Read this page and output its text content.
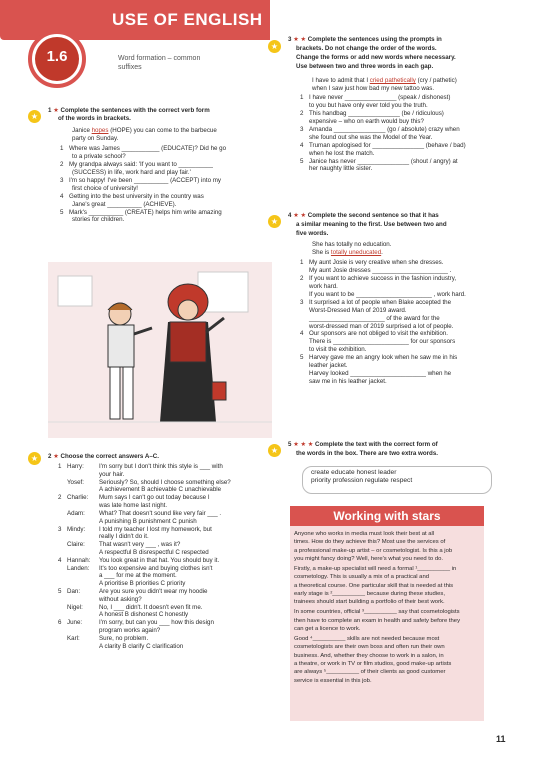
USE OF ENGLISH
1.6	Word formation – common
suffixes
★
1 ★ Complete the sentences with the correct verb form
of the words in brackets.
Janice hopes (HOPE) you can come to the barbecue
party on Sunday.
1 Where was James ___________ (EDUCATE)? Did he go
to a private school?
2 My grandpa always said: 'If you want to __________
(SUCCESS) in life, work hard and play fair.'
3 I'm so happy! I've been __________ (ACCEPT) into my
first choice of university!
4 Getting into the best university in the country was
Jane's great __________ (ACHIEVE).
5 Mark's __________ (CREATE) helps him write amazing
stories for children.
★	2 ★ Choose the correct answers A–C.
1 Harry: I'm sorry but I don't think this style is ___ with
your hair.
Yosef: Seriously? So, should I choose something else?
A achievement B achievable C unachievable
2 Charlie: Mum says I can't go out today because I
was late home last night.
Adam: What? That doesn't sound like very fair ___ .
A punishing B punishment C punish
3 Mindy: I told my teacher I lost my homework, but
really I didn't do it.
Claire: That wasn't very ___ , was it?
A respectful B disrespectful C respected
4 Hannah: You look great in that hat. You should buy it.
Landen: It's too expensive and buying clothes isn't
a ___ for me at the moment.
A prioritise B priorities C priority
5 Dan:	Are you sure you didn't wear my hoodie
without asking?
Nigel:	No, I ___ didn't. It doesn't even fit me.
A honest B dishonest C honestly
6 June:	I'm sorry, but can you ___ how this design
program works again?
Karl:	Sure, no problem.
A clarity B clarify C clarification
★
3 ★ ★ Complete the sentences using the prompts in
brackets. Do not change the order of the words.
Change the forms or add new words where necessary.
Use between two and three words in each gap.
I have to admit that I cried pathetically (cry / pathetic)
when I saw just how bad my new tattoo was.
1 I have never _______________ (speak / dishonest)
to you but have only ever told you the truth.
2 This handbag _______________ (be / ridiculous)
expensive – who on earth would buy this?
3 Amanda _______________ (go / absolute) crazy when
she found out she was the Model of the Year.
4 Truman apologised for _______________ (behave / bad)
when he lost the match.
5 Janice has never _______________ (shout / angry) at
her naughty little sister.
★
4 ★ ★ Complete the second sentence so that it has
a similar meaning to the first. Use between two and
five words.
She has totally no education.
She is totally uneducated.
1 My aunt Josie is very creative when she dresses.
My aunt Josie dresses ______________________ .
2 If you want to achieve success in the fashion industry,
work hard.
If you want to be ______________________ , work hard.
3 It surprised a lot of people when Blake accepted the
Worst-Dressed Man of 2019 award.
______________________ of the award for the
worst-dressed man of 2019 surprised a lot of people.
4 Our sponsors are not obliged to visit the exhibition.
There is ______________________ for our sponsors
to visit the exhibition.
5 Harvey gave me an angry look when he saw me in his
leather jacket.
Harvey looked ______________________ when he
saw me in his leather jacket.
★
5 ★ ★ ★ Complete the text with the correct form of
the words in the box. There are two extra words.
create educate honest leader
priority profession regulate respect
Working with stars
Anyone who works in media must look their best at all
times. How do they achieve this? Most use the services of
a professional make-up artist – or cosmetologist. Is this a job
you might fancy doing? Well, here's what you need to do.
Firstly, a make-up specialist will need a formal ¹__________ in
cosmetology. This is usually a mix of a practical and
a theoretical course. One particular skill that is needed at this
early stage is ²__________ because during these studies,
trainees should start building a portfolio of their best work.
In some countries, official ³__________ say that cosmetologists
then have to complete an exam in health and safety before they
can get a licence to work.
Good ⁴__________ skills are not needed because most
cosmetologists are their own boss and often run their own
business. And, whether they choose to work in a salon, in
a theatre, or work in TV or film studios, good make-up artists
are always ⁵__________ of their clients as good customer
service is essential in this job.
11
